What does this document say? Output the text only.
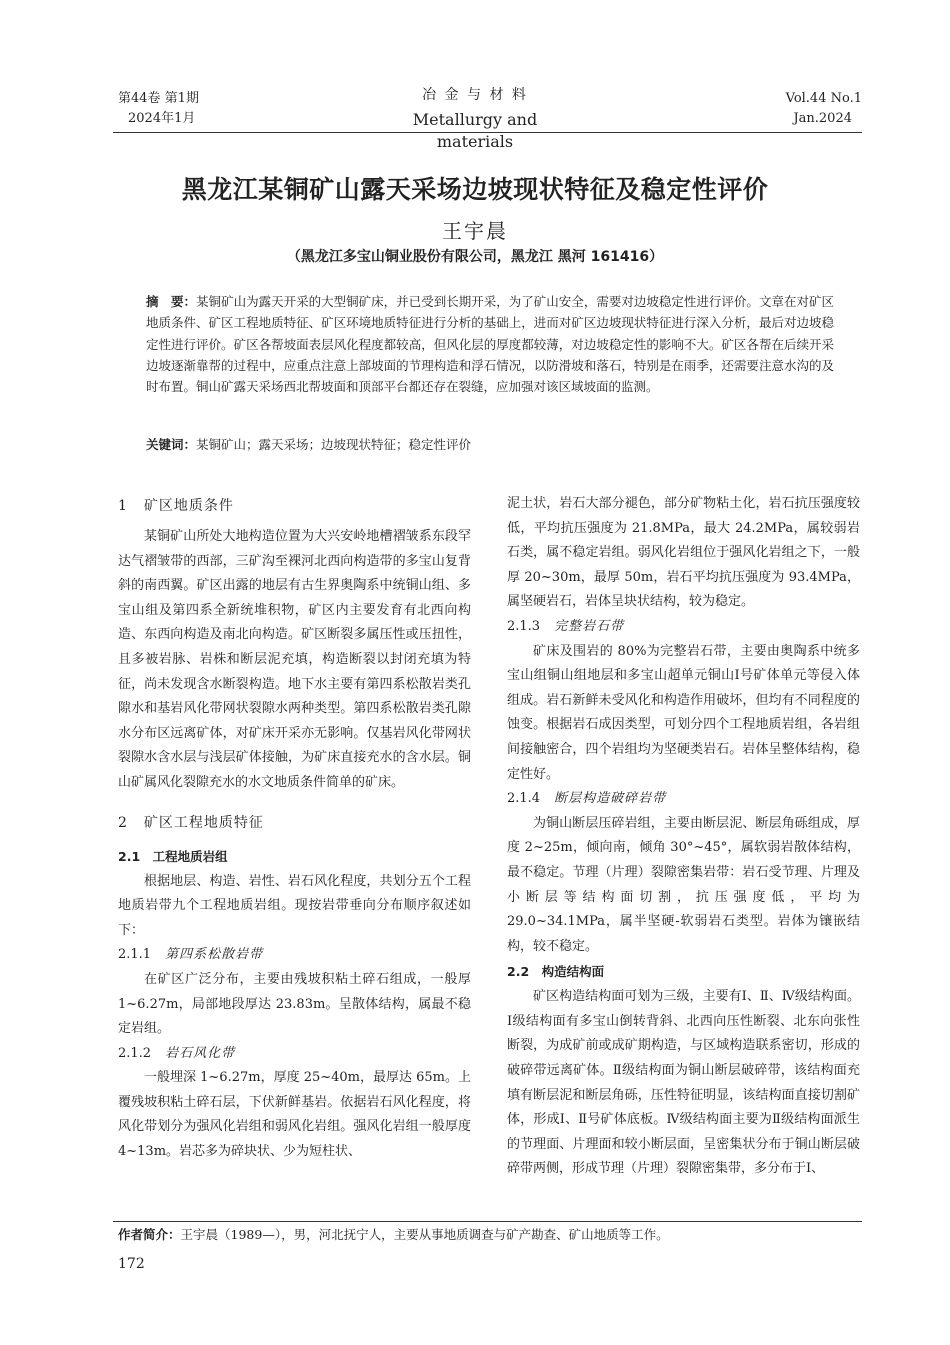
第44卷 第1期
2024年1月
冶 金 与 材 料
Metallurgy and materials
Vol.44 No.1
Jan.2024
黑龙江某铜矿山露天采场边坡现状特征及稳定性评价
王宇晨
（黑龙江多宝山铜业股份有限公司，黑龙江 黑河 161416）
摘　要：某铜矿山为露天开采的大型铜矿床，并已受到长期开采，为了矿山安全，需要对边坡稳定性进行评价。文章在对矿区地质条件、矿区工程地质特征、矿区环境地质特征进行分析的基础上，进而对矿区边坡现状特征进行深入分析，最后对边坡稳定性进行评价。矿区各帮坡面表层风化程度都较高，但风化层的厚度都较薄，对边坡稳定性的影响不大。矿区各帮在后续开采边坡逐渐靠帮的过程中，应重点注意上部坡面的节理构造和浮石情况，以防滑坡和落石，特别是在雨季，还需要注意水沟的及时布置。铜山矿露天采场西北帮坡面和顶部平台都还存在裂缝，应加强对该区域坡面的监测。
关键词：某铜矿山；露天采场；边坡现状特征；稳定性评价
1 矿区地质条件

某铜矿山所处大地构造位置为大兴安岭地槽褶皱系东段罕达气褶皱带的西部，三矿沟至裸河北西向构造带的多宝山复背斜的南西翼。矿区出露的地层有古生界奥陶系中统铜山组、多宝山组及第四系全新统堆积物，矿区内主要发育有北西向构造、东西向构造及南北向构造。矿区断裂多属压性或压扭性，且多被岩脉、岩株和断层泥充填，构造断裂以封闭充填为特征，尚未发现含水断裂构造。地下水主要有第四系松散岩类孔隙水和基岩风化带网状裂隙水两种类型。第四系松散岩类孔隙水分布区远离矿体，对矿床开采亦无影响。仅基岩风化带网状裂隙水含水层与浅层矿体接触，为矿床直接充水的含水层。铜山矿属风化裂隙充水的水文地质条件简单的矿床。

2 矿区工程地质特征
2.1　工程地质岩组

根据地层、构造、岩性、岩石风化程度，共划分五个工程地质岩带九个工程地质岩组。现按岩带垂向分布顺序叙述如下：

2.1.1 第四系松散岩带

在矿区广泛分布，主要由残坡积粘土碎石组成，一般厚 1~6.27m，局部地段厚达 23.83m。呈散体结构，属最不稳定岩组。

2.1.2 岩石风化带

一般埋深 1~6.27m，厚度 25~40m，最厚达 65m。上覆残坡积粘土碎石层，下伏新鲜基岩。依据岩石风化程度，将风化带划分为强风化岩组和弱风化岩组。强风化岩组一般厚度 4~13m。岩芯多为碎块状、少为短柱状、

泥土状，岩石大部分褪色，部分矿物粘土化，岩石抗压强度较低，平均抗压强度为 21.8MPa，最大 24.2MPa，属较弱岩石类，属不稳定岩组。弱风化岩组位于强风化岩组之下，一般厚 20~30m，最厚 50m，岩石平均抗压强度为 93.4MPa，属坚硬岩石，岩体呈块状结构，较为稳定。

2.1.3 完整岩石带

矿床及围岩的 80%为完整岩石带，主要由奥陶系中统多宝山组铜山组地层和多宝山超单元铜山Ⅰ号矿体单元等侵入体组成。岩石新鲜未受风化和构造作用破坏，但均有不同程度的蚀变。根据岩石成因类型，可划分四个工程地质岩组，各岩组间接触密合，四个岩组均为坚硬类岩石。岩体呈整体结构，稳定性好。

2.1.4 断层构造破碎岩带

为铜山断层压碎岩组，主要由断层泥、断层角砾组成，厚度 2~25m，倾向南，倾角 30°~45°，属软弱岩散体结构，最不稳定。节理（片理）裂隙密集岩带：岩石受节理、片理及小断层等结构面切割，抗压强度低，平均为 29.0~34.1MPa，属半坚硬-软弱岩石类型。岩体为镶嵌结构，较不稳定。

2.2　构造结构面

矿区构造结构面可划为三级，主要有Ⅰ、Ⅱ、Ⅳ级结构面。Ⅰ级结构面有多宝山倒转背斜、北西向压性断裂、北东向张性断裂，为成矿前或成矿期构造，与区域构造联系密切，形成的破碎带远离矿体。Ⅱ级结构面为铜山断层破碎带，该结构面充填有断层泥和断层角砾，压性特征明显，该结构面直接切割矿体，形成Ⅰ、Ⅱ号矿体底板。Ⅳ级结构面主要为Ⅱ级结构面派生的节理面、片理面和较小断层面，呈密集状分布于铜山断层破碎带两侧，形成节理（片理）裂隙密集带，多分布于Ⅰ、

作者简介：王宇晨（1989—），男，河北抚宁人，主要从事地质调查与矿产勘查、矿山地质等工作。
172
